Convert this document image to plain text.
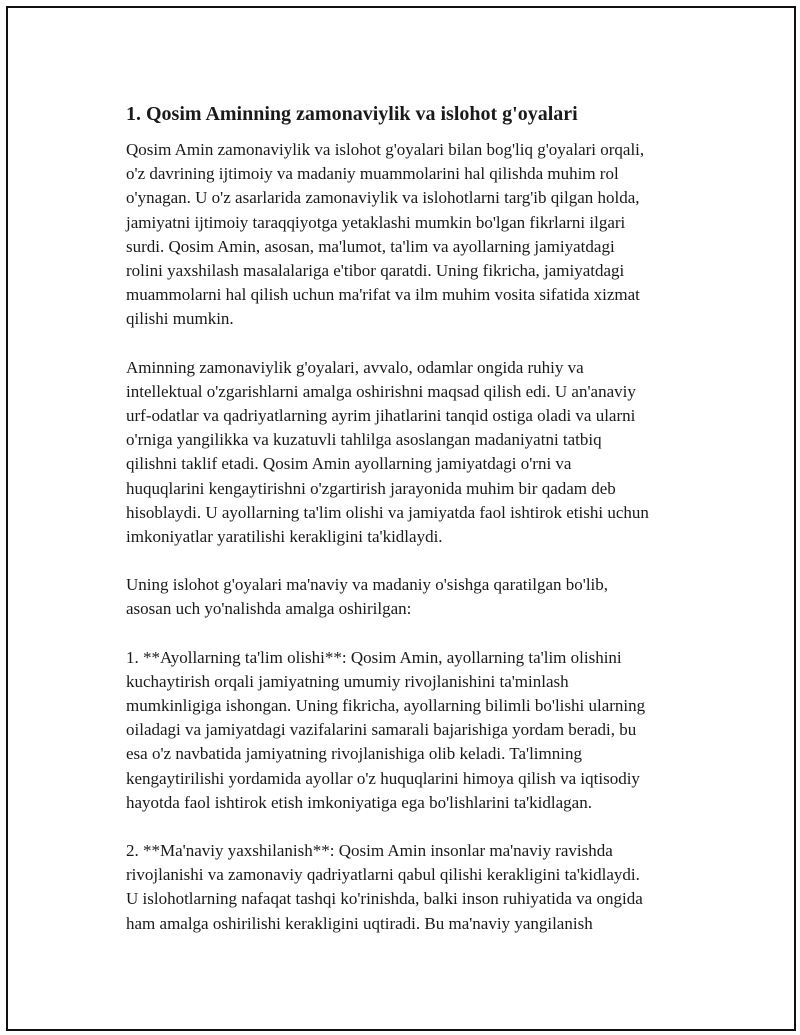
1. Qosim Aminning zamonaviylik va islohot g'oyalari

Qosim Amin zamonaviylik va islohot g'oyalari bilan bog'liq g'oyalari orqali,
o'z davrining ijtimoiy va madaniy muammolarini hal qilishda muhim rol
o'ynagan. U o'z asarlarida zamonaviylik va islohotlarni targ'ib qilgan holda,
jamiyatni ijtimoiy taraqqiyotga yetaklashi mumkin bo'lgan fikrlarni ilgari
surdi. Qosim Amin, asosan, ma'lumot, ta'lim va ayollarning jamiyatdagi
rolini yaxshilash masalalariga e'tibor qaratdi. Uning fikricha, jamiyatdagi
muammolarni hal qilish uchun ma'rifat va ilm muhim vosita sifatida xizmat
qilishi mumkin.

Aminning zamonaviylik g'oyalari, avvalo, odamlar ongida ruhiy va
intellektual o'zgarishlarni amalga oshirishni maqsad qilish edi. U an'anaviy
urf-odatlar va qadriyatlarning ayrim jihatlarini tanqid ostiga oladi va ularni
o'rniga yangilikka va kuzatuvli tahlilga asoslangan madaniyatni tatbiq
qilishni taklif etadi. Qosim Amin ayollarning jamiyatdagi o'rni va
huquqlarini kengaytirishni o'zgartirish jarayonida muhim bir qadam deb
hisoblaydi. U ayollarning ta'lim olishi va jamiyatda faol ishtirok etishi uchun
imkoniyatlar yaratilishi kerakligini ta'kidlaydi.

Uning islohot g'oyalari ma'naviy va madaniy o'sishga qaratilgan bo'lib,
asosan uch yo'nalishda amalga oshirilgan:

1. **Ayollarning ta'lim olishi**: Qosim Amin, ayollarning ta'lim olishini
kuchaytirish orqali jamiyatning umumiy rivojlanishini ta'minlash
mumkinligiga ishongan. Uning fikricha, ayollarning bilimli bo'lishi ularning
oiladagi va jamiyatdagi vazifalarini samarali bajarishiga yordam beradi, bu
esa o'z navbatida jamiyatning rivojlanishiga olib keladi. Ta'limning
kengaytirilishi yordamida ayollar o'z huquqlarini himoya qilish va iqtisodiy
hayotda faol ishtirok etish imkoniyatiga ega bo'lishlarini ta'kidlagan.

2. **Ma'naviy yaxshilanish**: Qosim Amin insonlar ma'naviy ravishda
rivojlanishi va zamonaviy qadriyatlarni qabul qilishi kerakligini ta'kidlaydi.
U islohotlarning nafaqat tashqi ko'rinishda, balki inson ruhiyatida va ongida
ham amalga oshirilishi kerakligini uqtiradi. Bu ma'naviy yangilanish
